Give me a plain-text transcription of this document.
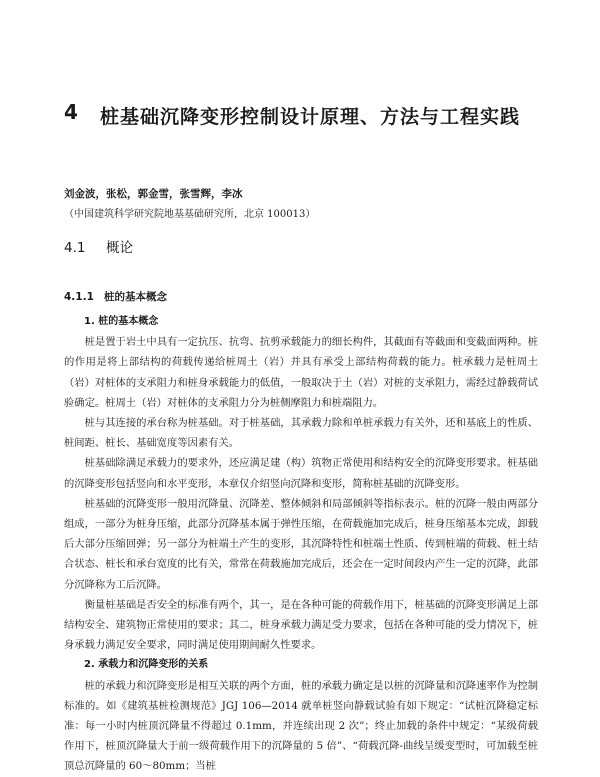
4 桩基础沉降变形控制设计原理、方法与工程实践
刘金波，张松，郭金雪，张雪辉，李冰
（中国建筑科学研究院地基基础研究所，北京 100013）
4.1 概论
4.1.1 桩的基本概念

1. 桩的基本概念

桩是置于岩土中具有一定抗压、抗弯、抗剪承载能力的细长构件，其截面有等截面和变截面两种。桩的作用是将上部结构的荷载传递给桩周土（岩）并具有承受上部结构荷载的能力。桩承载力是桩周土（岩）对桩体的支承阻力和桩身承载能力的低值，一般取决于土（岩）对桩的支承阻力，需经过静载荷试验确定。桩周土（岩）对桩体的支承阻力分为桩侧摩阻力和桩端阻力。

桩与其连接的承台称为桩基础。对于桩基础，其承载力除和单桩承载力有关外，还和基底上的性质、桩间距、桩长、基础宽度等因素有关。

桩基础除满足承载力的要求外，还应满足建（构）筑物正常使用和结构安全的沉降变形要求。桩基础的沉降变形包括竖向和水平变形，本章仅介绍竖向沉降和变形，简称桩基础的沉降变形。

桩基础的沉降变形一般用沉降量、沉降差、整体倾斜和局部倾斜等指标表示。桩的沉降一般由两部分组成，一部分为桩身压缩，此部分沉降基本属于弹性压缩，在荷载施加完成后，桩身压缩基本完成，卸载后大部分压缩回弹；另一部分为桩端土产生的变形，其沉降特性和桩端土性质、传到桩端的荷载、桩土结合状态、桩长和承台宽度的比有关，常常在荷载施加完成后，还会在一定时间段内产生一定的沉降，此部分沉降称为工后沉降。

衡量桩基础是否安全的标准有两个，其一，是在各种可能的荷载作用下，桩基础的沉降变形满足上部结构安全、建筑物正常使用的要求；其二，桩身承载力满足受力要求，包括在各种可能的受力情况下，桩身承载力满足安全要求，同时满足使用期间耐久性要求。

2. 承载力和沉降变形的关系

桩的承载力和沉降变形是相互关联的两个方面，桩的承载力确定是以桩的沉降量和沉降速率作为控制标准的。如《建筑基桩检测规范》JGJ 106—2014 就单桩竖向静载试验有如下规定：“试桩沉降稳定标准：每一小时内桩顶沉降量不得超过 0.1mm，并连续出现 2 次”；终止加载的条件中规定：“某级荷载作用下，桩顶沉降量大于前一级荷载作用下的沉降量的 5 倍”、“荷载沉降-曲线呈缓变型时，可加载至桩顶总沉降量的 60～80mm；当桩
